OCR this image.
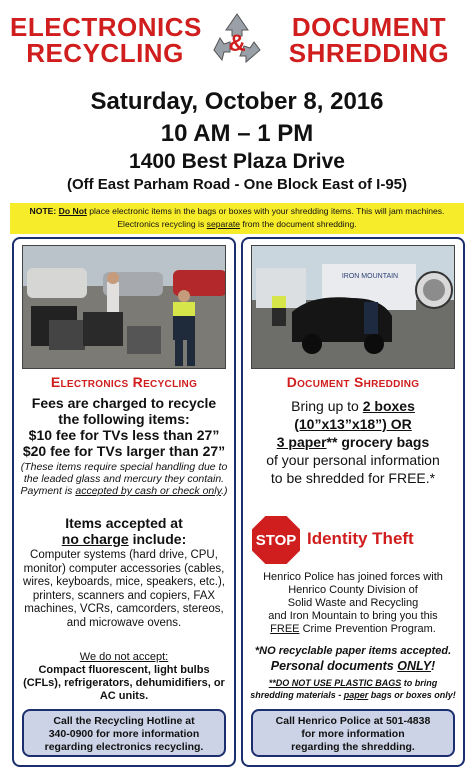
ELECTRONICS
RECYCLING	&
DOCUMENT
SHREDDING
Saturday, October 8, 2016
10 AM – 1 PM
1400 Best Plaza Drive
(Off East Parham Road - One Block East of I-95)
NOTE: Do Not place electronic items in the bags or boxes with your shredding items. This will jam machines.
Electronics recycling is separate from the document shredding.
Electronics Recycling
Fees are charged to recycle
the following items:
$10 fee for TVs less than 27”
$20 fee for TVs larger than 27”
(These items require special handling due to the leaded glass and mercury they contain. Payment is accepted by cash or check only.)
Items accepted at
no charge include:
Computer systems (hard drive, CPU, monitor) computer accessories (cables, wires, keyboards, mice, speakers, etc.), printers, scanners and copiers, FAX machines, VCRs, camcorders, stereos, and microwave ovens.
We do not accept:
Compact fluorescent, light bulbs (CFLs), refrigerators, dehumidifiers, or AC units.
Call the Recycling Hotline at
340-0900 for more information
regarding electronics recycling.
IRON MOUNTAIN
Document Shredding
Bring up to 2 boxes
(10”x13”x18”) OR
3 paper** grocery bags
of your personal information
to be shredded for FREE.*
STOP Identity Theft
Henrico Police has joined forces with
Henrico County Division of
Solid Waste and Recycling
and Iron Mountain to bring you this
FREE Crime Prevention Program.
*NO recyclable paper items accepted.
Personal documents ONLY!
**DO NOT USE PLASTIC BAGS to bring
shredding materials - paper bags or boxes only!
Call Henrico Police at 501-4838
for more information
regarding the shredding.
